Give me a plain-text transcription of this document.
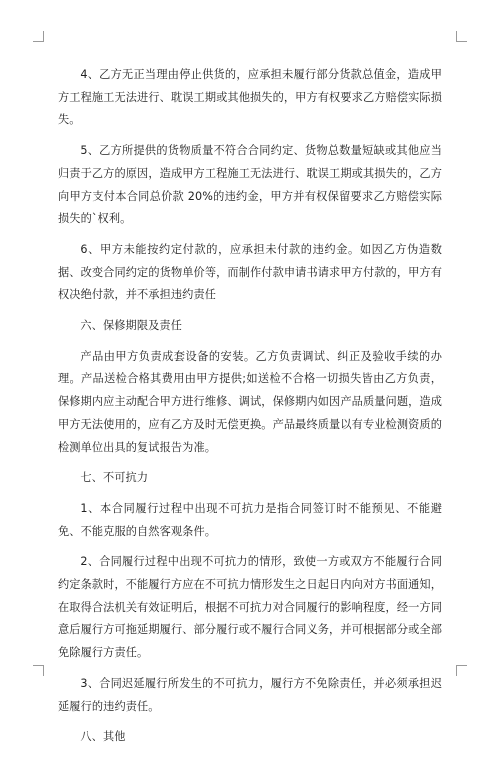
4、乙方无正当理由停止供货的，应承担未履行部分货款总值金，造成甲方工程施工无法进行、耽误工期或其他损失的，甲方有权要求乙方赔偿实际损失。

5、乙方所提供的货物质量不符合合同约定、货物总数量短缺或其他应当归责于乙方的原因，造成甲方工程施工无法进行、耽误工期或其损失的，乙方向甲方支付本合同总价款 20%的违约金，甲方并有权保留要求乙方赔偿实际损失的`权利。

6、甲方未能按约定付款的，应承担未付款的违约金。如因乙方伪造数据、改变合同约定的货物单价等，而制作付款申请书请求甲方付款的，甲方有权决绝付款，并不承担违约责任

六、保修期限及责任

产品由甲方负责成套设备的安装。乙方负责调试、纠正及验收手续的办理。产品送检合格其费用由甲方提供;如送检不合格一切损失皆由乙方负责，保修期内应主动配合甲方进行维修、调试，保修期内如因产品质量问题，造成甲方无法使用的，应有乙方及时无偿更换。产品最终质量以有专业检测资质的检测单位出具的复试报告为准。

七、不可抗力

1、本合同履行过程中出现不可抗力是指合同签订时不能预见、不能避免、不能克服的自然客观条件。

2、合同履行过程中出现不可抗力的情形，致使一方或双方不能履行合同约定条款时，不能履行方应在不可抗力情形发生之日起日内向对方书面通知，在取得合法机关有效证明后，根据不可抗力对合同履行的影响程度，经一方同意后履行方可拖延期履行、部分履行或不履行合同义务，并可根据部分或全部免除履行方责任。

3、合同迟延履行所发生的不可抗力，履行方不免除责任，并必须承担迟延履行的违约责任。

八、其他
